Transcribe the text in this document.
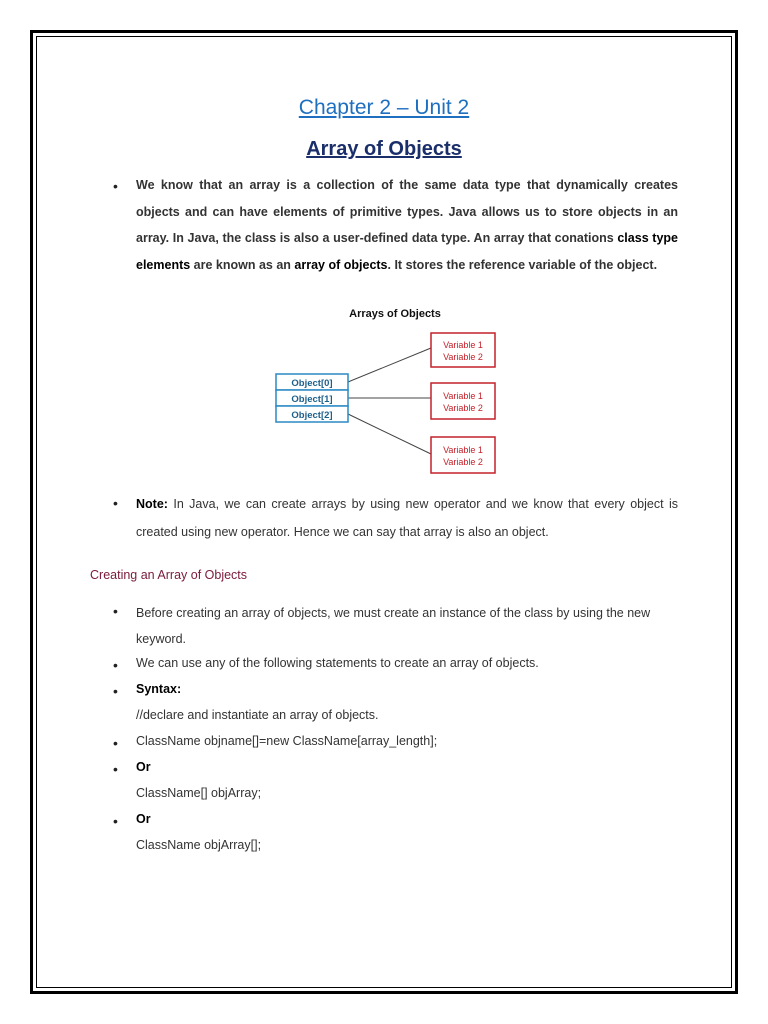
Chapter 2 – Unit 2
Array of Objects
• We know that an array is a collection of the same data type that dynamically creates objects and can have elements of primitive types. Java allows us to store objects in an array. In Java, the class is also a user-defined data type. An array that conations class type elements are known as an array of objects. It stores the reference variable of the object.
Arrays of Objects
Object[0]
Object[1]
Object[2]
Variable 1
Variable 2
Variable 1
Variable 2
Variable 1
Variable 2
• Note: In Java, we can create arrays by using new operator and we know that every object is created using new operator. Hence we can say that array is also an object.
Creating an Array of Objects
• Before creating an array of objects, we must create an instance of the class by using the new
keyword.
• We can use any of the following statements to create an array of objects.
• Syntax:
//declare and instantiate an array of objects.
• ClassName objname[]=new ClassName[array_length];
• Or
ClassName[] objArray;
• Or
ClassName objArray[];
